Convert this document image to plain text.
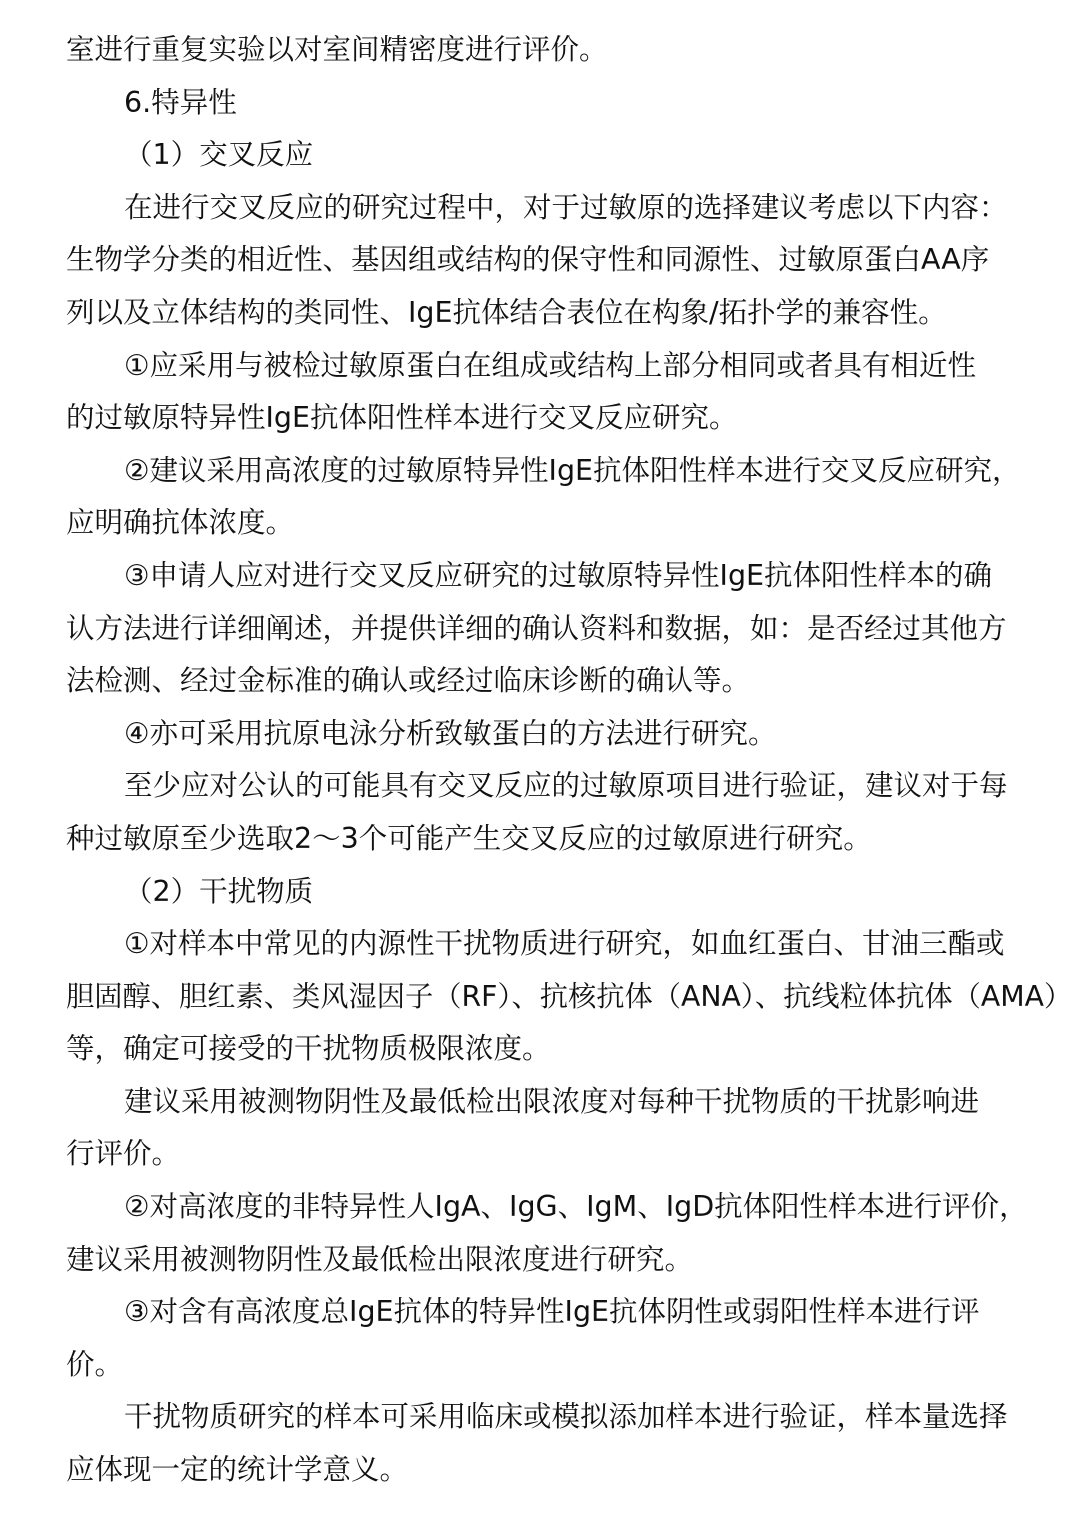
室进行重复实验以对室间精密度进行评价。
6.特异性
（1）交叉反应
在进行交叉反应的研究过程中，对于过敏原的选择建议考虑以下内容：
生物学分类的相近性、基因组或结构的保守性和同源性、过敏原蛋白AA序
列以及立体结构的类同性、IgE抗体结合表位在构象/拓扑学的兼容性。
①应采用与被检过敏原蛋白在组成或结构上部分相同或者具有相近性
的过敏原特异性IgE抗体阳性样本进行交叉反应研究。
②建议采用高浓度的过敏原特异性IgE抗体阳性样本进行交叉反应研究，
应明确抗体浓度。
③申请人应对进行交叉反应研究的过敏原特异性IgE抗体阳性样本的确
认方法进行详细阐述，并提供详细的确认资料和数据，如：是否经过其他方
法检测、经过金标准的确认或经过临床诊断的确认等。
④亦可采用抗原电泳分析致敏蛋白的方法进行研究。
至少应对公认的可能具有交叉反应的过敏原项目进行验证，建议对于每
种过敏原至少选取2～3个可能产生交叉反应的过敏原进行研究。
（2）干扰物质
①对样本中常见的内源性干扰物质进行研究，如血红蛋白、甘油三酯或
胆固醇、胆红素、类风湿因子（RF）、抗核抗体（ANA）、抗线粒体抗体（AMA）
等，确定可接受的干扰物质极限浓度。
建议采用被测物阴性及最低检出限浓度对每种干扰物质的干扰影响进
行评价。
②对高浓度的非特异性人IgA、IgG、IgM、IgD抗体阳性样本进行评价，
建议采用被测物阴性及最低检出限浓度进行研究。
③对含有高浓度总IgE抗体的特异性IgE抗体阴性或弱阳性样本进行评
价。
干扰物质研究的样本可采用临床或模拟添加样本进行验证，样本量选择
应体现一定的统计学意义。
